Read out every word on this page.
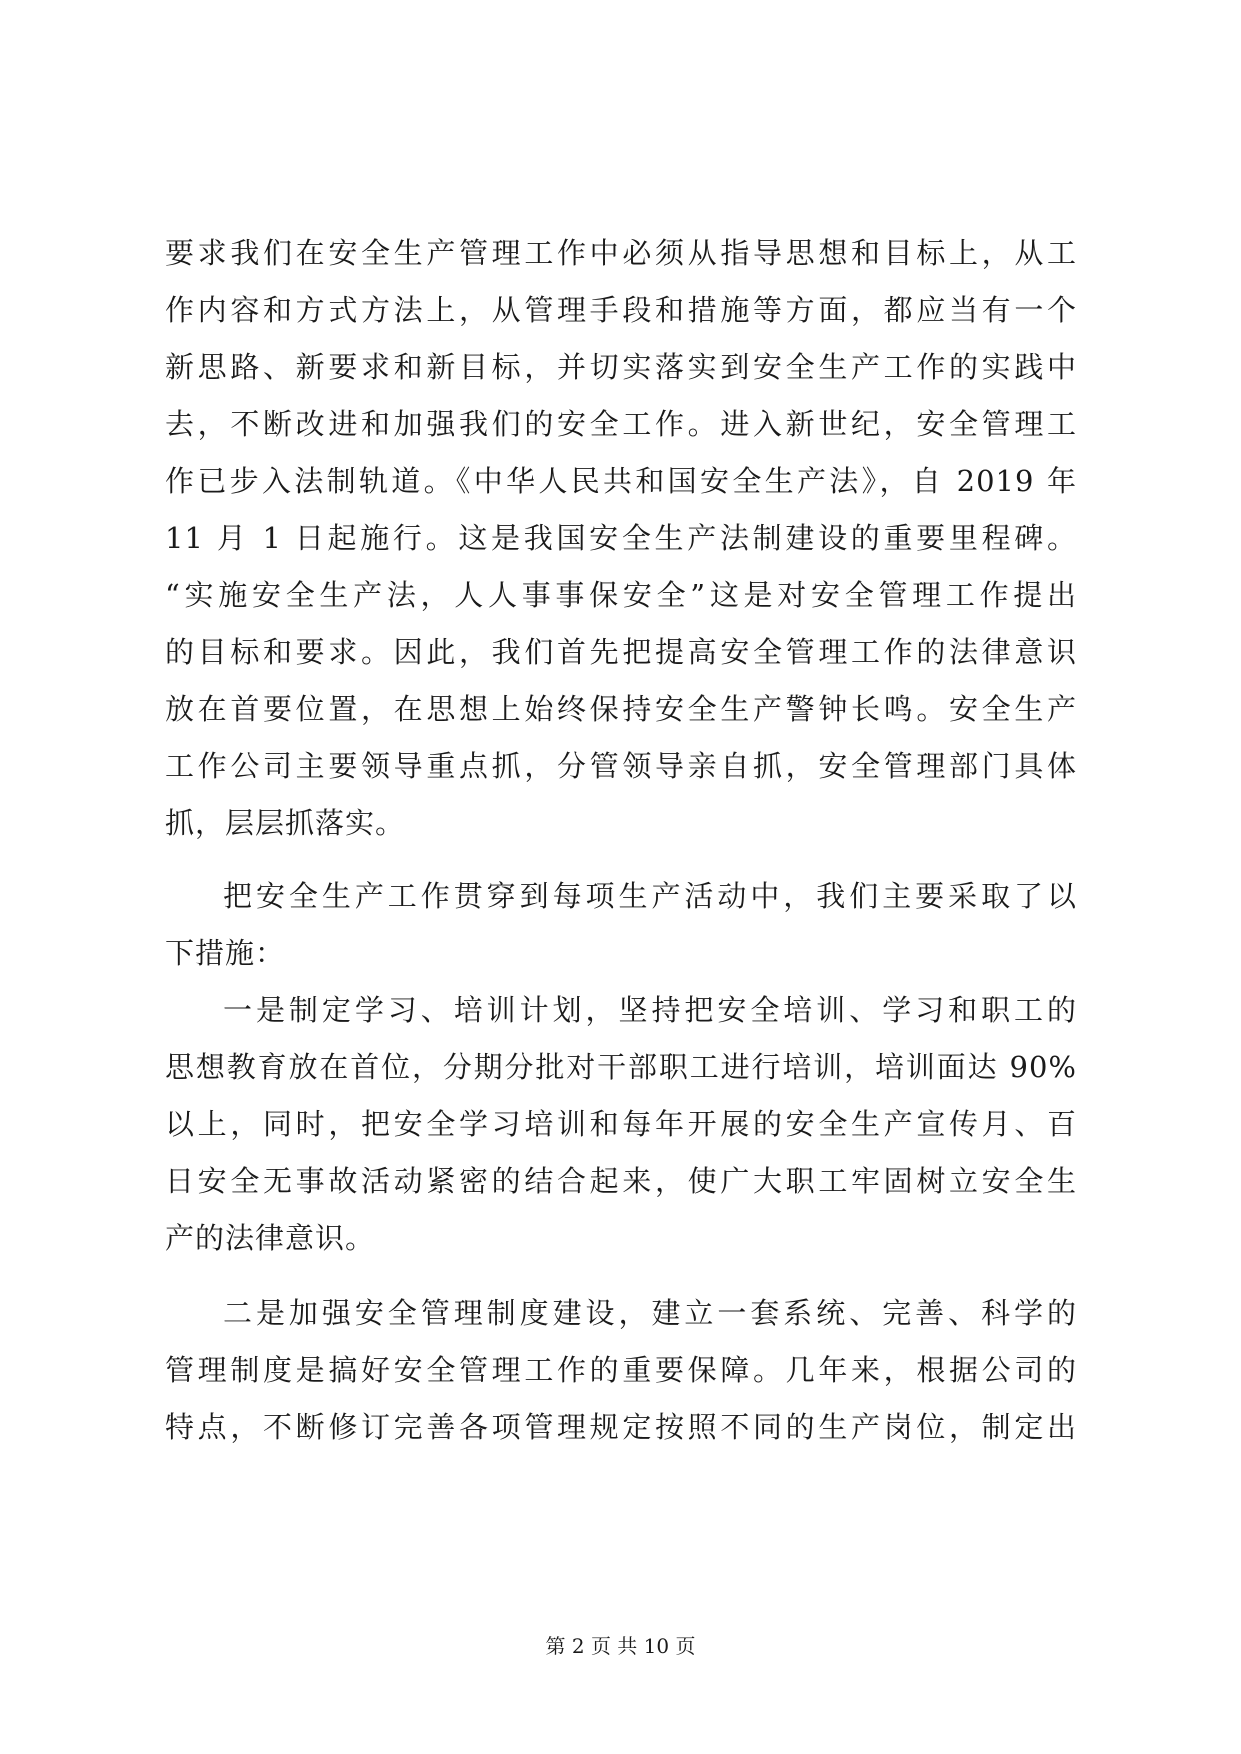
要求我们在安全生产管理工作中必须从指导思想和目标上，从工
作内容和方式方法上，从管理手段和措施等方面，都应当有一个
新思路、新要求和新目标，并切实落实到安全生产工作的实践中
去，不断改进和加强我们的安全工作。进入新世纪，安全管理工
作已步入法制轨道。《中华人民共和国安全生产法》，自 2019 年
11 月 1 日起施行。这是我国安全生产法制建设的重要里程碑。
“实施安全生产法，人人事事保安全”这是对安全管理工作提出
的目标和要求。因此，我们首先把提高安全管理工作的法律意识
放在首要位置，在思想上始终保持安全生产警钟长鸣。安全生产
工作公司主要领导重点抓，分管领导亲自抓，安全管理部门具体
抓，层层抓落实。
把安全生产工作贯穿到每项生产活动中，我们主要采取了以
下措施：
一是制定学习、培训计划，坚持把安全培训、学习和职工的
思想教育放在首位，分期分批对干部职工进行培训，培训面达 90%
以上，同时，把安全学习培训和每年开展的安全生产宣传月、百
日安全无事故活动紧密的结合起来，使广大职工牢固树立安全生
产的法律意识。
二是加强安全管理制度建设，建立一套系统、完善、科学的
管理制度是搞好安全管理工作的重要保障。几年来，根据公司的
特点，不断修订完善各项管理规定按照不同的生产岗位，制定出
第 2 页 共 10 页
